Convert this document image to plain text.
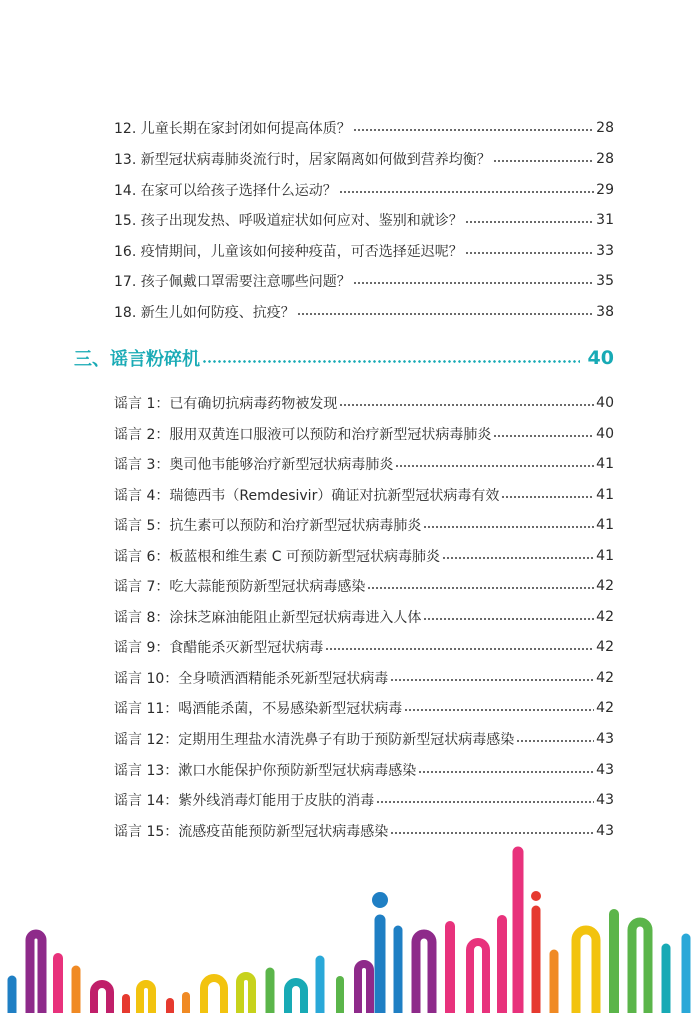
12. 儿童长期在家封闭如何提高体质？	28
13. 新型冠状病毒肺炎流行时，居家隔离如何做到营养均衡？	28
14. 在家可以给孩子选择什么运动？	29
15. 孩子出现发热、呼吸道症状如何应对、鉴别和就诊？	31
16. 疫情期间，儿童该如何接种疫苗，可否选择延迟呢？	33
17. 孩子佩戴口罩需要注意哪些问题？	35
18. 新生儿如何防疫、抗疫？	38
三、谣言粉碎机	40
谣言 1：已有确切抗病毒药物被发现	40
谣言 2：服用双黄连口服液可以预防和治疗新型冠状病毒肺炎	40
谣言 3：奥司他韦能够治疗新型冠状病毒肺炎	41
谣言 4：瑞德西韦（Remdesivir）确证对抗新型冠状病毒有效	41
谣言 5：抗生素可以预防和治疗新型冠状病毒肺炎	41
谣言 6：板蓝根和维生素 C 可预防新型冠状病毒肺炎	41
谣言 7：吃大蒜能预防新型冠状病毒感染	42
谣言 8：涂抹芝麻油能阻止新型冠状病毒进入人体	42
谣言 9：食醋能杀灭新型冠状病毒	42
谣言 10：全身喷洒酒精能杀死新型冠状病毒	42
谣言 11：喝酒能杀菌，不易感染新型冠状病毒	42
谣言 12：定期用生理盐水清洗鼻子有助于预防新型冠状病毒感染	43
谣言 13：漱口水能保护你预防新型冠状病毒感染	43
谣言 14：紫外线消毒灯能用于皮肤的消毒	43
谣言 15：流感疫苗能预防新型冠状病毒感染	43
